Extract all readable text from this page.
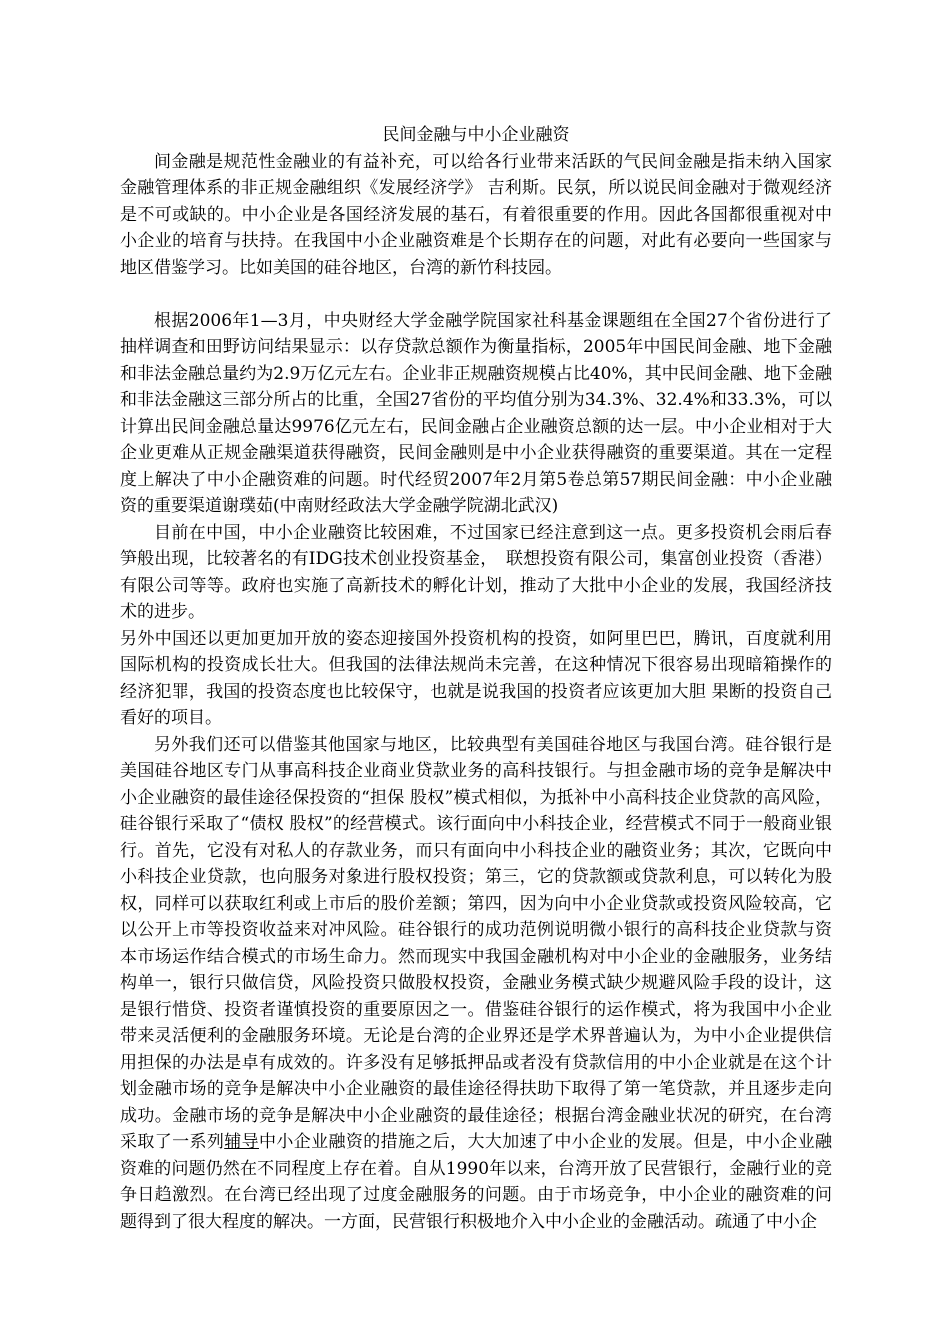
民间金融与中小企业融资

间金融是规范性金融业的有益补充，可以给各行业带来活跃的气民间金融是指未纳入国家金融管理体系的非正规金融组织《发展经济学》 吉利斯。民氛，所以说民间金融对于微观经济是不可或缺的。中小企业是各国经济发展的基石，有着很重要的作用。因此各国都很重视对中小企业的培育与扶持。在我国中小企业融资难是个长期存在的问题，对此有必要向一些国家与地区借鉴学习。比如美国的硅谷地区，台湾的新竹科技园。

根据2006年1—3月，中央财经大学金融学院国家社科基金课题组在全国27个省份进行了抽样调查和田野访问结果显示：以存贷款总额作为衡量指标，2005年中国民间金融、地下金融和非法金融总量约为2.9万亿元左右。企业非正规融资规模占比40%，其中民间金融、地下金融和非法金融这三部分所占的比重，全国27省份的平均值分别为34.3%、32.4%和33.3%，可以计算出民间金融总量达9976亿元左右，民间金融占企业融资总额的达一层。中小企业相对于大企业更难从正规金融渠道获得融资，民间金融则是中小企业获得融资的重要渠道。其在一定程度上解决了中小企融资难的问题。时代经贸2007年2月第5卷总第57期民间金融：中小企业融资的重要渠道谢璞茹(中南财经政法大学金融学院湖北武汉)

目前在中国，中小企业融资比较困难，不过国家已经注意到这一点。更多投资机会雨后春笋般出现，比较著名的有IDG技术创业投资基金，　联想投资有限公司，集富创业投资（香港）有限公司等等。政府也实施了高新技术的孵化计划，推动了大批中小企业的发展，我国经济技术的进步。

另外中国还以更加更加开放的姿态迎接国外投资机构的投资，如阿里巴巴，腾讯，百度就利用国际机构的投资成长壮大。但我国的法律法规尚未完善，在这种情况下很容易出现暗箱操作的经济犯罪，我国的投资态度也比较保守，也就是说我国的投资者应该更加大胆 果断的投资自己看好的项目。

另外我们还可以借鉴其他国家与地区，比较典型有美国硅谷地区与我国台湾。硅谷银行是美国硅谷地区专门从事高科技企业商业贷款业务的高科技银行。与担金融市场的竞争是解决中小企业融资的最佳途径保投资的“担保 股权”模式相似，为抵补中小高科技企业贷款的高风险，硅谷银行采取了“债权 股权”的经营模式。该行面向中小科技企业，经营模式不同于一般商业银行。首先，它没有对私人的存款业务，而只有面向中小科技企业的融资业务；其次，它既向中小科技企业贷款，也向服务对象进行股权投资；第三，它的贷款额或贷款利息，可以转化为股权，同样可以获取红利或上市后的股价差额；第四，因为向中小企业贷款或投资风险较高，它以公开上市等投资收益来对冲风险。硅谷银行的成功范例说明微小银行的高科技企业贷款与资本市场运作结合模式的市场生命力。然而现实中我国金融机构对中小企业的金融服务，业务结构单一，银行只做信贷，风险投资只做股权投资，金融业务模式缺少规避风险手段的设计，这是银行惜贷、投资者谨慎投资的重要原因之一。借鉴硅谷银行的运作模式，将为我国中小企业带来灵活便利的金融服务环境。无论是台湾的企业界还是学术界普遍认为，为中小企业提供信用担保的办法是卓有成效的。许多没有足够抵押品或者没有贷款信用的中小企业就是在这个计划金融市场的竞争是解决中小企业融资的最佳途径得扶助下取得了第一笔贷款，并且逐步走向成功。金融市场的竞争是解决中小企业融资的最佳途径；根据台湾金融业状况的研究，在台湾采取了一系列辅导中小企业融资的措施之后，大大加速了中小企业的发展。但是，中小企业融资难的问题仍然在不同程度上存在着。自从1990年以来，台湾开放了民营银行，金融行业的竞争日趋激烈。在台湾已经出现了过度金融服务的问题。由于市场竞争，中小企业的融资难的问题得到了很大程度的解决。一方面，民营银行积极地介入中小企业的金融活动。疏通了中小企
